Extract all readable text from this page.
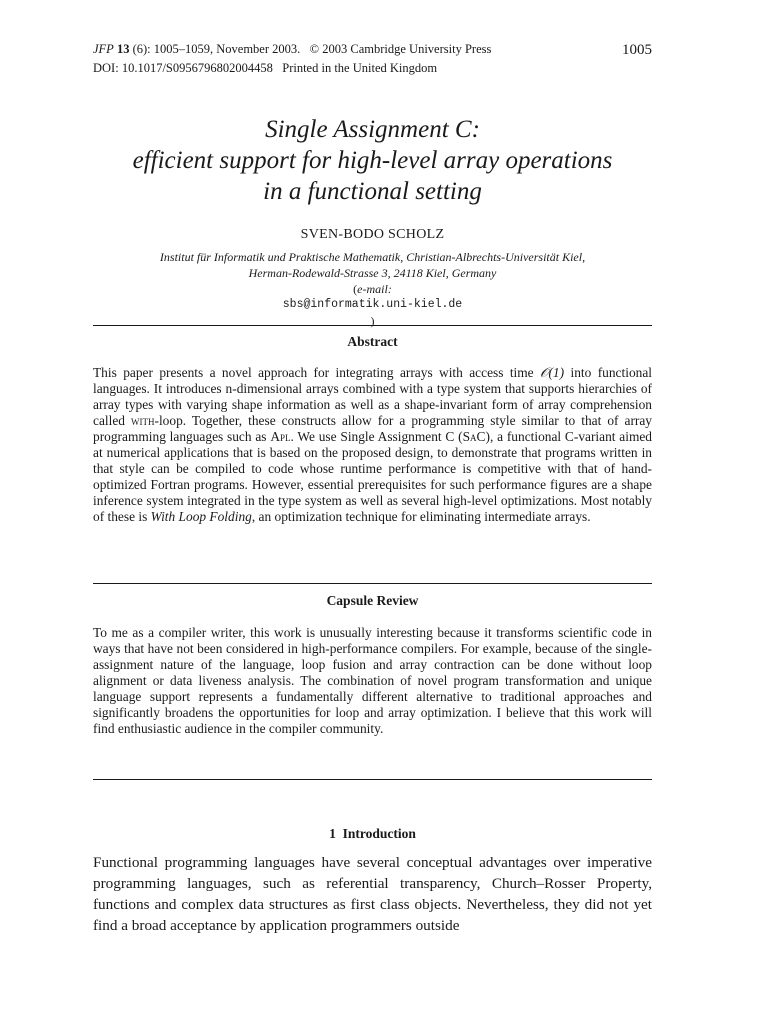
JFP 13 (6): 1005–1059, November 2003. © 2003 Cambridge University Press
DOI: 10.1017/S0956796802004458   Printed in the United Kingdom
1005
Single Assignment C:
efficient support for high-level array operations
in a functional setting
SVEN-BODO SCHOLZ
Institut für Informatik und Praktische Mathematik, Christian-Albrechts-Universität Kiel,
Herman-Rodewald-Strasse 3, 24118 Kiel, Germany
(e-mail:
sbs@informatik.uni-kiel.de
)
Abstract
This paper presents a novel approach for integrating arrays with access time 𝒪(1) into functional languages. It introduces n-dimensional arrays combined with a type system that supports hierarchies of array types with varying shape information as well as a shape-invariant form of array comprehension called with-loop. Together, these constructs allow for a programming style similar to that of array programming languages such as Apl. We use Single Assignment C (SaC), a functional C-variant aimed at numerical applications that is based on the proposed design, to demonstrate that programs written in that style can be compiled to code whose runtime performance is competitive with that of hand-optimized Fortran programs. However, essential prerequisites for such performance figures are a shape inference system integrated in the type system as well as several high-level optimizations. Most notably of these is With Loop Folding, an optimization technique for eliminating intermediate arrays.
Capsule Review
To me as a compiler writer, this work is unusually interesting because it transforms scientific code in ways that have not been considered in high-performance compilers. For example, because of the single-assignment nature of the language, loop fusion and array contraction can be done without loop alignment or data liveness analysis. The combination of novel program transformation and unique language support represents a fundamentally different alternative to traditional approaches and significantly broadens the opportunities for loop and array optimization. I believe that this work will find enthusiastic audience in the compiler community.
1  Introduction
Functional programming languages have several conceptual advantages over imperative programming languages, such as referential transparency, Church–Rosser Property, functions and complex data structures as first class objects. Nevertheless, they did not yet find a broad acceptance by application programmers outside
